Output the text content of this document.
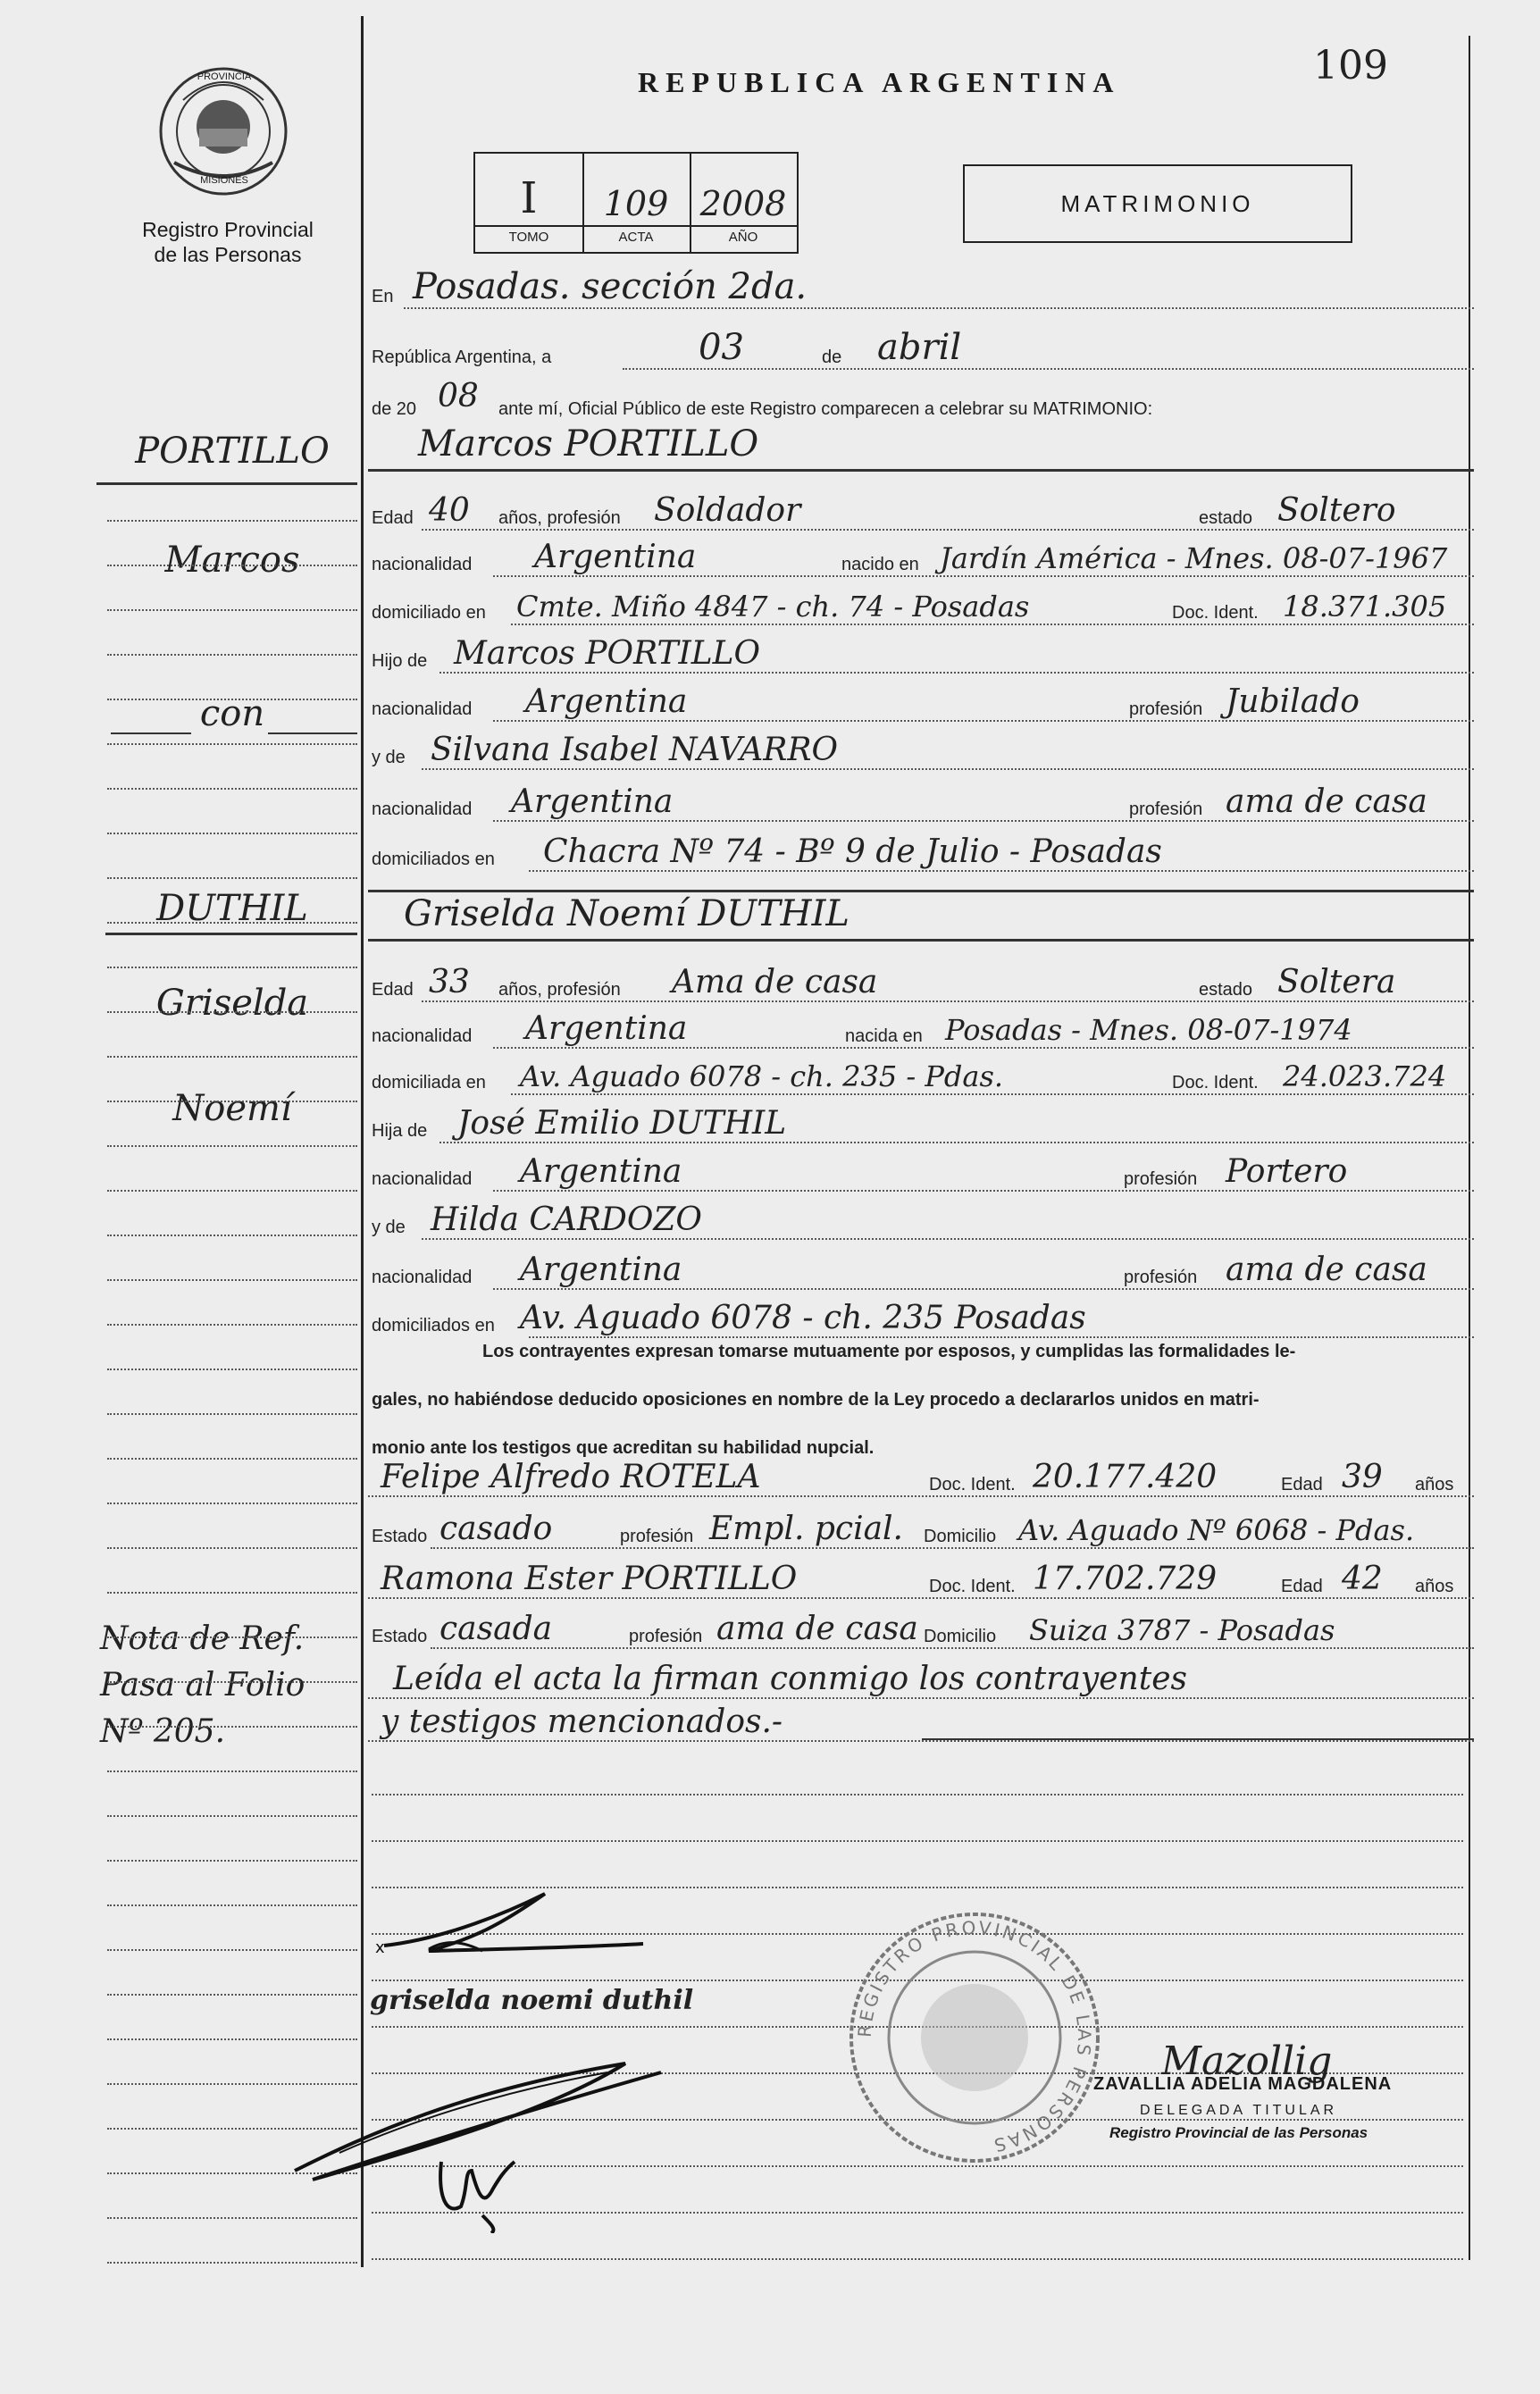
109
PROVINCIA
MISIONES
Registro Provincial
de las Personas
REPUBLICA ARGENTINA
I
TOMO
109
ACTA
2008
AÑO
MATRIMONIO
En Posadas. sección 2da.
República Argentina, a	03	de abril
de 20 08 ante mí, Oficial Público de este Registro comparecen a celebrar su MATRIMONIO:
Marcos PORTILLO
Edad 40 años, profesión Soldador	estado Soltero
nacionalidad Argentina	nacido en Jardín América - Mnes. 08-07-1967
domiciliado en Cmte. Miño 4847 - ch. 74 - Posadas	Doc. Ident. 18.371.305
Hijo de Marcos PORTILLO
nacionalidad Argentina	profesión Jubilado
y de Silvana Isabel NAVARRO
nacionalidad Argentina	profesión ama de casa
domiciliados en Chacra Nº 74 - Bº 9 de Julio - Posadas
Griselda Noemí DUTHIL
Edad 33 años, profesión Ama de casa	estado Soltera
nacionalidad Argentina	nacida en Posadas - Mnes. 08-07-1974
domiciliada en Av. Aguado 6078 - ch. 235 - Pdas.	Doc. Ident. 24.023.724
Hija de José Emilio DUTHIL
nacionalidad Argentina	profesión Portero
y de Hilda CARDOZO
nacionalidad Argentina	profesión ama de casa
domiciliados en Av. Aguado 6078 - ch. 235 Posadas
Los contrayentes expresan tomarse mutuamente por esposos, y cumplidas las formalidades le-
gales, no habiéndose deducido oposiciones en nombre de la Ley procedo a declararlos unidos en matri-
monio ante los testigos que acreditan su habilidad nupcial.
Felipe Alfredo ROTELA	Doc. Ident. 20.177.420	Edad 39 años
Estado casado	profesión Empl. pcial. Domicilio Av. Aguado Nº 6068 - Pdas.
Ramona Ester PORTILLO	Doc. Ident. 17.702.729	Edad 42 años
Estado casada	profesión ama de casa Domicilio Suiza 3787 - Posadas
Leída el acta la firman conmigo los contrayentes
y testigos mencionados.-
PORTILLO
Marcos
con
DUTHIL
Griselda
Noemí
Nota de Ref.
Pasa al Folio
Nº 205.
x
griselda noemi duthil
REGISTRO PROVINCIAL DE LAS PERSONAS
Mazollig
ZAVALLIA ADELIA MAGDALENA
DELEGADA TITULAR
Registro Provincial de las Personas
